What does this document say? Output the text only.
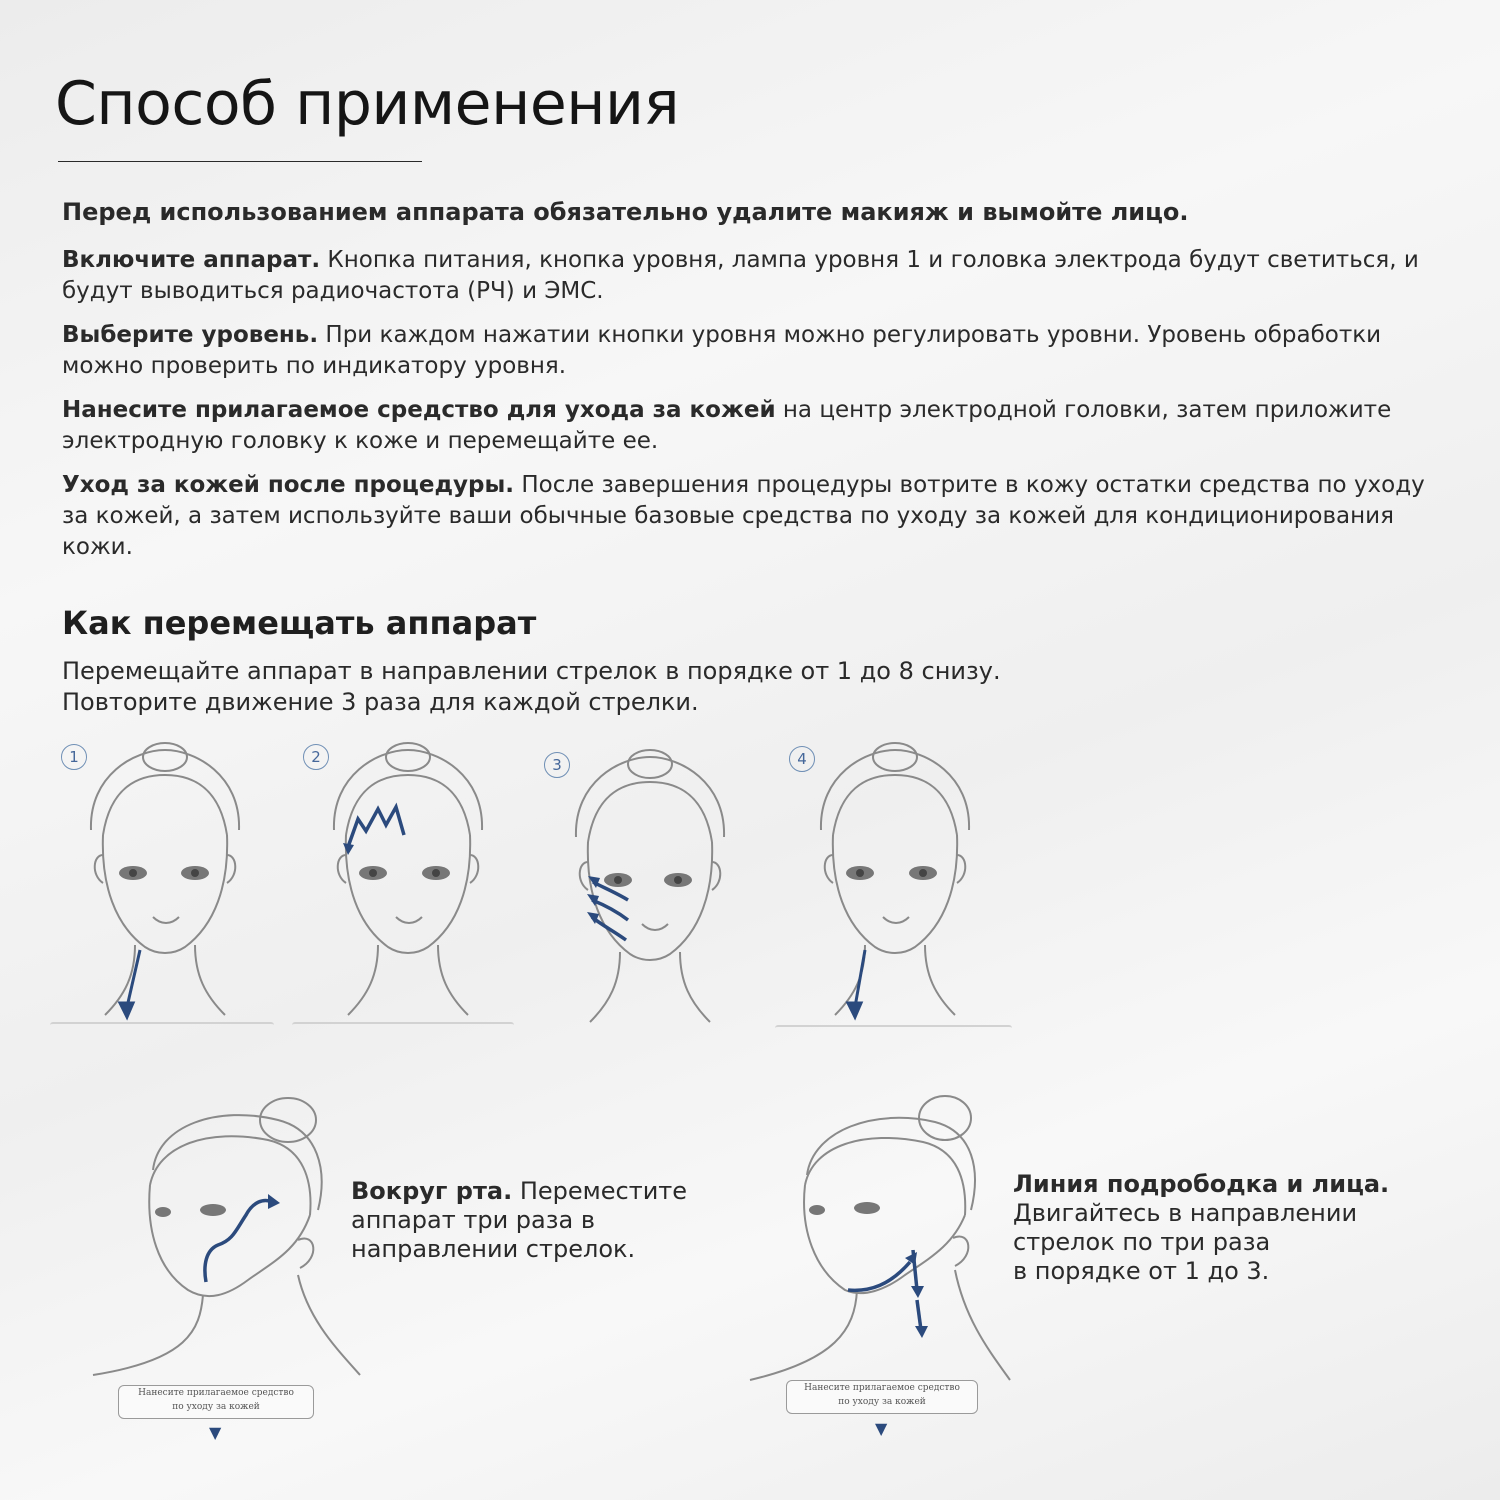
Способ применения

Перед использованием аппарата обязательно удалите макияж и вымойте лицо.

Включите аппарат. Кнопка питания, кнопка уровня, лампа уровня 1 и головка электрода будут светиться, и будут выводиться радиочастота (РЧ) и ЭМС.

Выберите уровень. При каждом нажатии кнопки уровня можно регулировать уровни. Уровень обработки можно проверить по индикатору уровня.

Нанесите прилагаемое средство для ухода за кожей на центр электродной головки, затем приложите электродную головку к коже и перемещайте ее.

Уход за кожей после процедуры. После завершения процедуры вотрите в кожу остатки средства по уходу за кожей, а затем используйте ваши обычные базовые средства по уходу за кожей для кондиционирования кожи.

Как перемещать аппарат

Перемещайте аппарат в направлении стрелок в порядке от 1 до 8 снизу.

Повторите движение 3 раза для каждой стрелки.

1	2	3	4

Вокруг рта. Переместите
аппарат три раза в
направлении стрелок.

Нанесите прилагаемое средство
по уходу за кожей
▼

Линия подрободка и лица.
Двигайтесь в направлении
стрелок по три раза
в порядке от 1 до 3.

Нанесите прилагаемое средство
по уходу за кожей
▼
